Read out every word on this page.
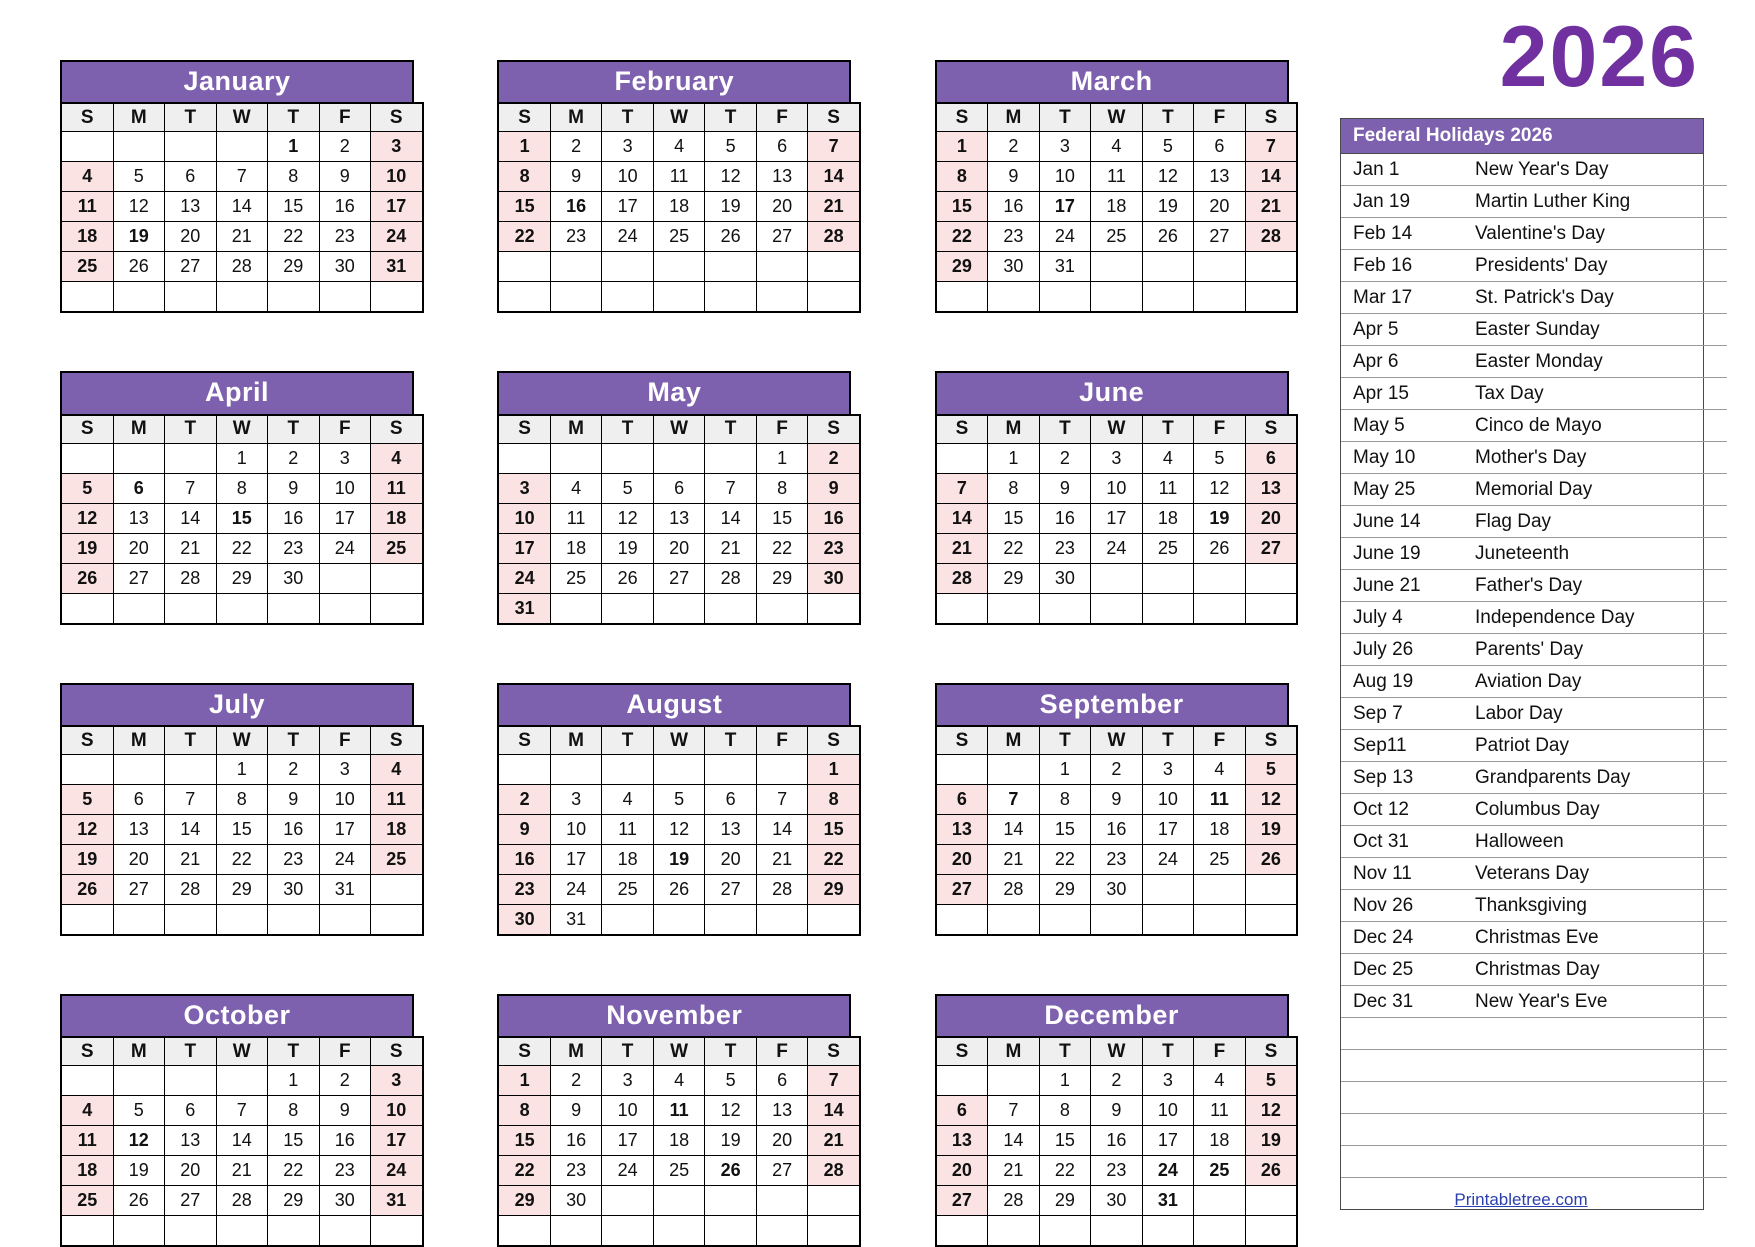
2026
January
S	M	T	W	T	F	S
				1	2	3
4	5	6	7	8	9	10
11	12	13	14	15	16	17
18	19	20	21	22	23	24
25	26	27	28	29	30	31

February
S	M	T	W	T	F	S
1	2	3	4	5	6	7
8	9	10	11	12	13	14
15	16	17	18	19	20	21
22	23	24	25	26	27	28

March
S	M	T	W	T	F	S
1	2	3	4	5	6	7
8	9	10	11	12	13	14
15	16	17	18	19	20	21
22	23	24	25	26	27	28
29	30	31				

April
S	M	T	W	T	F	S
			1	2	3	4
5	6	7	8	9	10	11
12	13	14	15	16	17	18
19	20	21	22	23	24	25
26	27	28	29	30		

May
S	M	T	W	T	F	S
					1	2
3	4	5	6	7	8	9
10	11	12	13	14	15	16
17	18	19	20	21	22	23
24	25	26	27	28	29	30
31						
June
S	M	T	W	T	F	S
	1	2	3	4	5	6
7	8	9	10	11	12	13
14	15	16	17	18	19	20
21	22	23	24	25	26	27
28	29	30				

July
S	M	T	W	T	F	S
			1	2	3	4
5	6	7	8	9	10	11
12	13	14	15	16	17	18
19	20	21	22	23	24	25
26	27	28	29	30	31	

August
S	M	T	W	T	F	S
						1
2	3	4	5	6	7	8
9	10	11	12	13	14	15
16	17	18	19	20	21	22
23	24	25	26	27	28	29
30	31					
September
S	M	T	W	T	F	S
		1	2	3	4	5
6	7	8	9	10	11	12
13	14	15	16	17	18	19
20	21	22	23	24	25	26
27	28	29	30			

October
S	M	T	W	T	F	S
				1	2	3
4	5	6	7	8	9	10
11	12	13	14	15	16	17
18	19	20	21	22	23	24
25	26	27	28	29	30	31

November
S	M	T	W	T	F	S
1	2	3	4	5	6	7
8	9	10	11	12	13	14
15	16	17	18	19	20	21
22	23	24	25	26	27	28
29	30					

December
S	M	T	W	T	F	S
		1	2	3	4	5
6	7	8	9	10	11	12
13	14	15	16	17	18	19
20	21	22	23	24	25	26
27	28	29	30	31		

Federal Holidays 2026
Jan 1	New Year's Day
Jan 19	Martin Luther King
Feb 14	Valentine's Day
Feb 16	Presidents' Day
Mar 17	St. Patrick's Day
Apr 5	Easter Sunday
Apr 6	Easter Monday
Apr 15	Tax Day
May 5	Cinco de Mayo
May 10	Mother's Day
May 25	Memorial Day
June 14	Flag Day
June 19	Juneteenth
June 21	Father's Day
July 4	Independence Day
July 26	Parents' Day
Aug 19	Aviation Day
Sep 7	Labor Day
Sep11	Patriot Day
Sep 13	Grandparents Day
Oct 12	Columbus Day
Oct 31	Halloween
Nov 11	Veterans Day
Nov 26	Thanksgiving
Dec 24	Christmas Eve
Dec 25	Christmas Day
Dec 31	New Year's Eve

Printabletree.com
